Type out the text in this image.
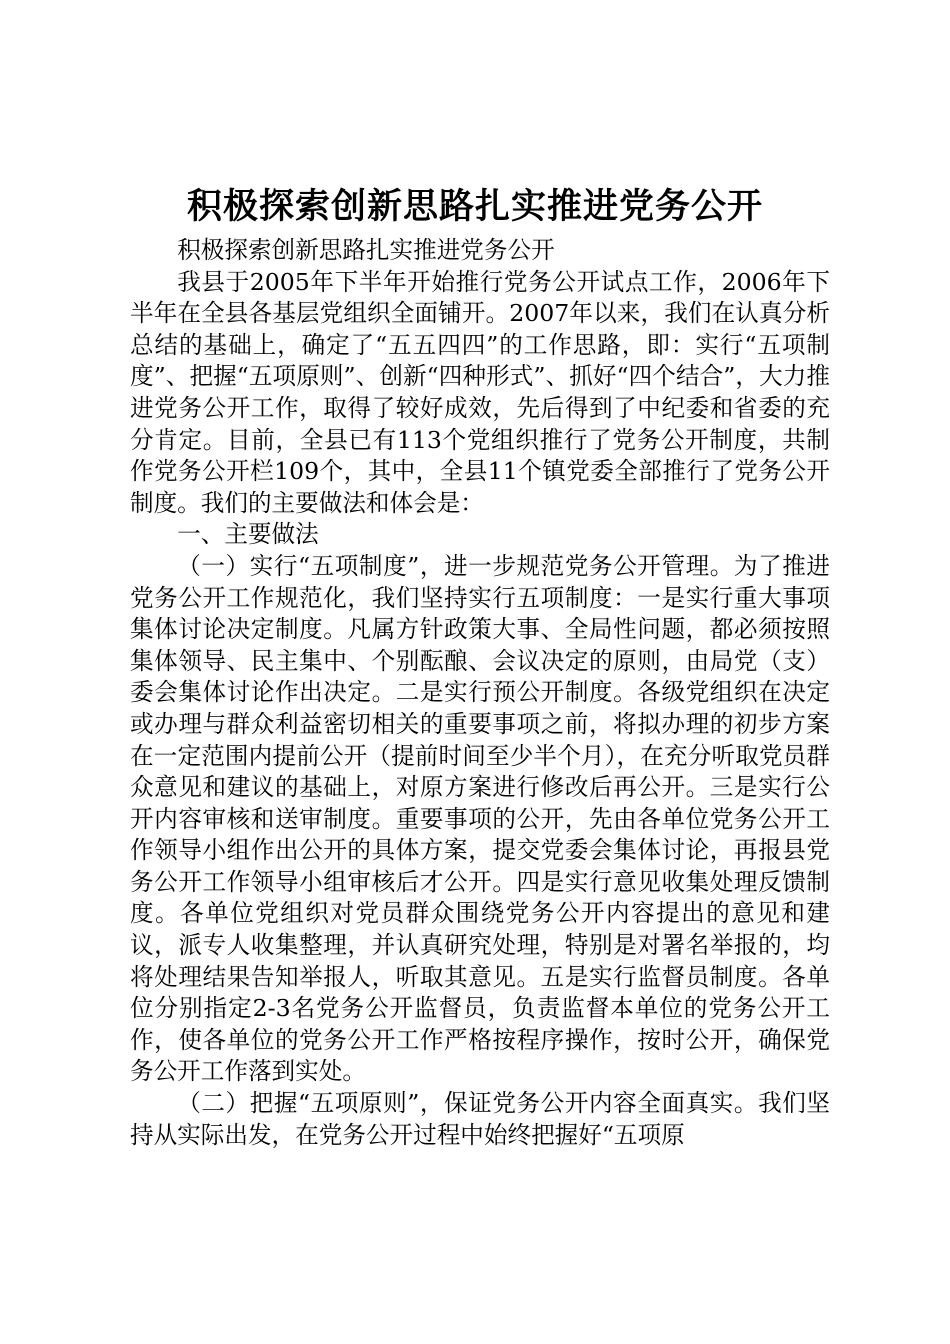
积极探索创新思路扎实推进党务公开

积极探索创新思路扎实推进党务公开

我县于2005年下半年开始推行党务公开试点工作，2006年下半年在全县各基层党组织全面铺开。2007年以来，我们在认真分析总结的基础上，确定了“五五四四”的工作思路，即：实行“五项制度”、把握“五项原则”、创新“四种形式”、抓好“四个结合”，大力推进党务公开工作，取得了较好成效，先后得到了中纪委和省委的充分肯定。目前，全县已有113个党组织推行了党务公开制度，共制作党务公开栏109个，其中，全县11个镇党委全部推行了党务公开制度。我们的主要做法和体会是：

一、主要做法

（一）实行“五项制度”，进一步规范党务公开管理。为了推进党务公开工作规范化，我们坚持实行五项制度：一是实行重大事项集体讨论决定制度。凡属方针政策大事、全局性问题，都必须按照集体领导、民主集中、个别酝酿、会议决定的原则，由局党（支）委会集体讨论作出决定。二是实行预公开制度。各级党组织在决定或办理与群众利益密切相关的重要事项之前，将拟办理的初步方案在一定范围内提前公开（提前时间至少半个月），在充分听取党员群众意见和建议的基础上，对原方案进行修改后再公开。三是实行公开内容审核和送审制度。重要事项的公开，先由各单位党务公开工作领导小组作出公开的具体方案，提交党委会集体讨论，再报县党务公开工作领导小组审核后才公开。四是实行意见收集处理反馈制度。各单位党组织对党员群众围绕党务公开内容提出的意见和建议，派专人收集整理，并认真研究处理，特别是对署名举报的，均将处理结果告知举报人，听取其意见。五是实行监督员制度。各单位分别指定2-3名党务公开监督员，负责监督本单位的党务公开工作，使各单位的党务公开工作严格按程序操作，按时公开，确保党务公开工作落到实处。

（二）把握“五项原则”，保证党务公开内容全面真实。我们坚持从实际出发，在党务公开过程中始终把握好“五项原
